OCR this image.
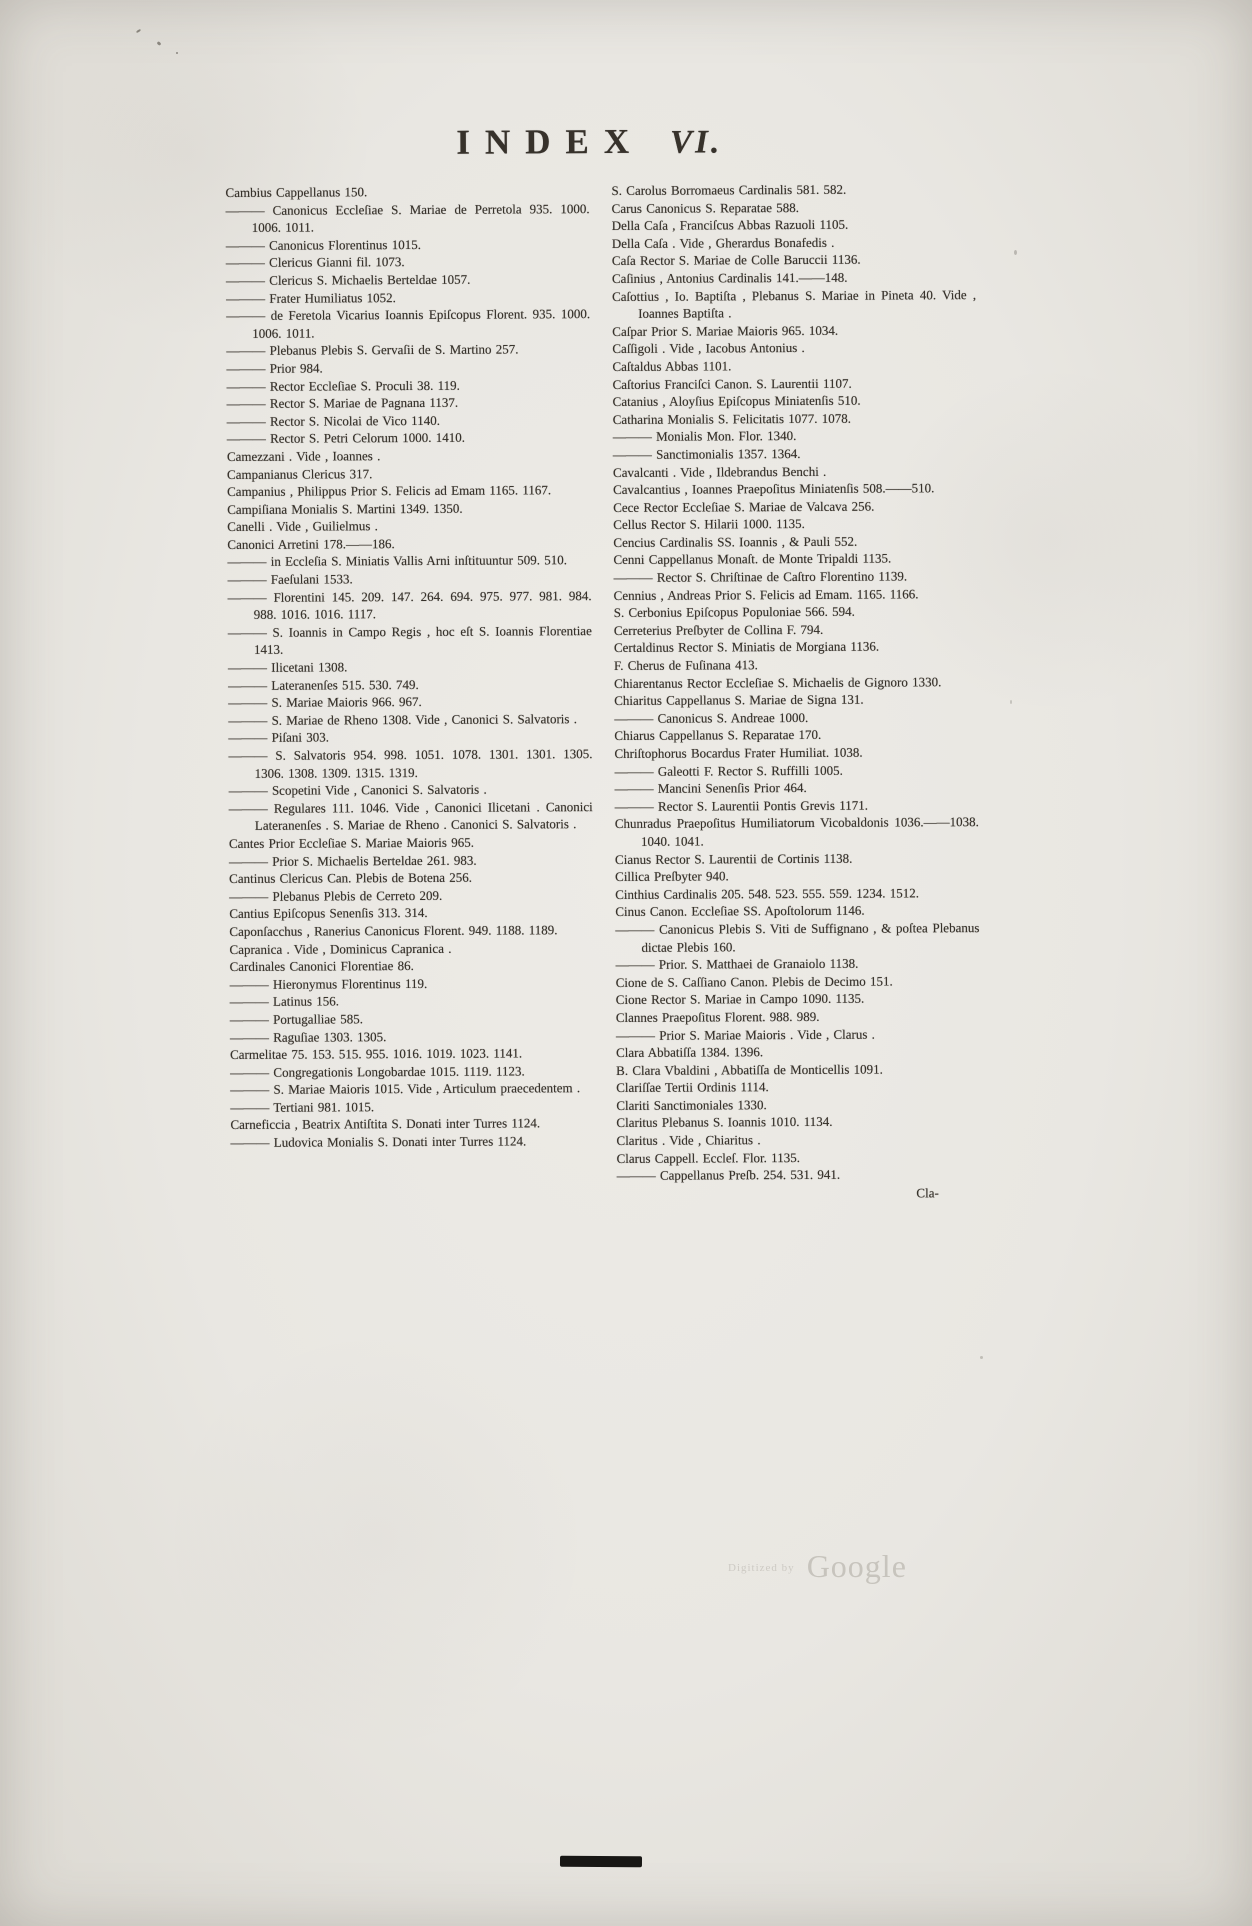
INDEX VI.

Cambius Cappellanus 150.

——— Canonicus Eccleſiae S. Mariae de Perretola 935. 1000. 1006. 1011.

——— Canonicus Florentinus 1015.

——— Clericus Gianni fil. 1073.

——— Clericus S. Michaelis Berteldae 1057.

——— Frater Humiliatus 1052.

——— de Feretola Vicarius Ioannis Epiſcopus Florent. 935. 1000. 1006. 1011.

——— Plebanus Plebis S. Gervaſii de S. Martino 257.

——— Prior 984.

——— Rector Eccleſiae S. Proculi 38. 119.

——— Rector S. Mariae de Pagnana 1137.

——— Rector S. Nicolai de Vico 1140.

——— Rector S. Petri Celorum 1000. 1410.

Camezzani . Vide , Ioannes .

Campanianus Clericus 317.

Campanius , Philippus Prior S. Felicis ad Emam 1165. 1167.

Campiſiana Monialis S. Martini 1349. 1350.

Canelli . Vide , Guilielmus .

Canonici Arretini 178.——186.

——— in Eccleſia S. Miniatis Vallis Arni inſtituuntur 509. 510.

——— Faeſulani 1533.

——— Florentini 145. 209. 147. 264. 694. 975. 977. 981. 984. 988. 1016. 1016. 1117.

——— S. Ioannis in Campo Regis , hoc eſt S. Ioannis Florentiae 1413.

——— Ilicetani 1308.

——— Lateranenſes 515. 530. 749.

——— S. Mariae Maioris 966. 967.

——— S. Mariae de Rheno 1308. Vide , Canonici S. Salvatoris .

——— Piſani 303.

——— S. Salvatoris 954. 998. 1051. 1078. 1301. 1301. 1305. 1306. 1308. 1309. 1315. 1319.

——— Scopetini Vide , Canonici S. Salvatoris .

——— Regulares 111. 1046. Vide , Canonici Ilicetani . Canonici Lateranenſes . S. Mariae de Rheno . Canonici S. Salvatoris .

Cantes Prior Eccleſiae S. Mariae Maioris 965.

——— Prior S. Michaelis Berteldae 261. 983.

Cantinus Clericus Can. Plebis de Botena 256.

——— Plebanus Plebis de Cerreto 209.

Cantius Epiſcopus Senenſis 313. 314.

Caponſacchus , Ranerius Canonicus Florent. 949. 1188. 1189.

Capranica . Vide , Dominicus Capranica .

Cardinales Canonici Florentiae 86.

——— Hieronymus Florentinus 119.

——— Latinus 156.

——— Portugalliae 585.

——— Raguſiae 1303. 1305.

Carmelitae 75. 153. 515. 955. 1016. 1019. 1023. 1141.

——— Congregationis Longobardae 1015. 1119. 1123.

——— S. Mariae Maioris 1015. Vide , Articulum praecedentem .

——— Tertiani 981. 1015.

Carneficcia , Beatrix Antiſtita S. Donati inter Turres 1124.

——— Ludovica Monialis S. Donati inter Turres 1124.

S. Carolus Borromaeus Cardinalis 581. 582.

Carus Canonicus S. Reparatae 588.

Della Caſa , Franciſcus Abbas Razuoli 1105.

Della Caſa . Vide , Gherardus Bonafedis .

Caſa Rector S. Mariae de Colle Baruccii 1136.

Caſinius , Antonius Cardinalis 141.——148.

Caſottius , Io. Baptiſta , Plebanus S. Mariae in Pineta 40. Vide , Ioannes Baptiſta .

Caſpar Prior S. Mariae Maioris 965. 1034.

Caſſigoli . Vide , Iacobus Antonius .

Caſtaldus Abbas 1101.

Caſtorius Franciſci Canon. S. Laurentii 1107.

Catanius , Aloyſius Epiſcopus Miniatenſis 510.

Catharina Monialis S. Felicitatis 1077. 1078.

——— Monialis Mon. Flor. 1340.

——— Sanctimonialis 1357. 1364.

Cavalcanti . Vide , Ildebrandus Benchi .

Cavalcantius , Ioannes Praepoſitus Miniatenſis 508.——510.

Cece Rector Eccleſiae S. Mariae de Valcava 256.

Cellus Rector S. Hilarii 1000. 1135.

Cencius Cardinalis SS. Ioannis , & Pauli 552.

Cenni Cappellanus Monaſt. de Monte Tripaldi 1135.

——— Rector S. Chriſtinae de Caſtro Florentino 1139.

Cennius , Andreas Prior S. Felicis ad Emam. 1165. 1166.

S. Cerbonius Epiſcopus Populoniae 566. 594.

Cerreterius Preſbyter de Collina F. 794.

Certaldinus Rector S. Miniatis de Morgiana 1136.

F. Cherus de Fuſinana 413.

Chiarentanus Rector Eccleſiae S. Michaelis de Gignoro 1330.

Chiaritus Cappellanus S. Mariae de Signa 131.

——— Canonicus S. Andreae 1000.

Chiarus Cappellanus S. Reparatae 170.

Chriſtophorus Bocardus Frater Humiliat. 1038.

——— Galeotti F. Rector S. Ruffilli 1005.

——— Mancini Senenſis Prior 464.

——— Rector S. Laurentii Pontis Grevis 1171.

Chunradus Praepoſitus Humiliatorum Vicobaldonis 1036.——1038. 1040. 1041.

Cianus Rector S. Laurentii de Cortinis 1138.

Cillica Preſbyter 940.

Cinthius Cardinalis 205. 548. 523. 555. 559. 1234. 1512.

Cinus Canon. Eccleſiae SS. Apoſtolorum 1146.

——— Canonicus Plebis S. Viti de Suffignano , & poſtea Plebanus dictae Plebis 160.

——— Prior. S. Matthaei de Granaiolo 1138.

Cione de S. Caſſiano Canon. Plebis de Decimo 151.

Cione Rector S. Mariae in Campo 1090. 1135.

Clannes Praepoſitus Florent. 988. 989.

——— Prior S. Mariae Maioris . Vide , Clarus .

Clara Abbatiſſa 1384. 1396.

B. Clara Vbaldini , Abbatiſſa de Monticellis 1091.

Clariſſae Tertii Ordinis 1114.

Clariti Sanctimoniales 1330.

Claritus Plebanus S. Ioannis 1010. 1134.

Claritus . Vide , Chiaritus .

Clarus Cappell. Eccleſ. Flor. 1135.

——— Cappellanus Preſb. 254. 531. 941.

Cla-
$^{Digitized by}$ Google
